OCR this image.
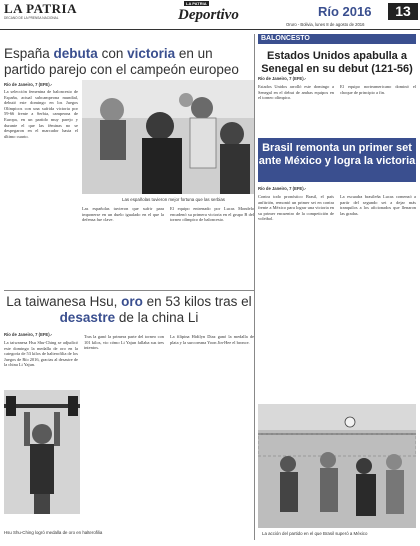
LA PATRIA
DECANO DE LA PRENSA NACIONAL
LA PATRIA
Deportivo	Río 2016	13
Oruro - Bolivia, lunes 8 de agosto de 2016
España debuta con victoria en un partido parejo con el campeón europeo
Río de Janeiro, 7 (EFE).-
La selección femenina de baloncesto de España, actual subcampeona mundial, debutó este domingo en los Juegos Olímpicos con una sufrida victoria por 59-66 frente a Serbia, campeona de Europa, en un partido muy parejo y durante el que las féminas no se despegaron en el marcador hasta el último cuarto.
Las españolas tuvieron mejor fortuna que las serbias
Las españolas tuvieron que sufrir para imponerse en un duelo igualado en el que la defensa fue clave.
El equipo entrenado por Lucas Mondelo encadenó su primera victoria en el grupo B del torneo olímpico de baloncesto.
BALONCESTO
Estados Unidos apabulla a Senegal en su debut (121-56)
Río de Janeiro, 7 (EFE).-
Estados Unidos arrolló este domingo a Senegal en el debut de ambas equipos en el torneo olímpico.
El equipo norteamericano dominó el choque de principio a fin.
Brasil remonta un primer set ante México y logra la victoria
Río de Janeiro, 7 (EFE).-
Contra todo pronóstico Brasil, el país anfitrión, remontó un primer set en contra frente a México para lograr una victoria en su primer encuentro de la competición de voleibol.
La escuadra brasileña Lucas comenzó a partir del segundo set a dejar más tranquilos a los aficionados que llenaron las gradas.
La acción del partido en el que Brasil superó a México
La taiwanesa Hsu, oro en 53 kilos tras el desastre de la china Li
Río de Janeiro, 7 (EFE).-
La taiwanesa Hsu Shu-Ching se adjudicó este domingo la medalla de oro en la categoría de 53 kilos de halterofilia de los Juegos de Río 2016, gracias al desastre de la china Li Yajun.
Hsu Shu-Ching logró medalla de oro en halterofilia
Tras la ganó la primera parte del torneo con 101 kilos, vio cómo Li Yajun fallaba sus tres intentos.
La filipina Hidilyn Diaz ganó la medalla de plata y la surcoreana Yoon Jin-Hee el bronce.
